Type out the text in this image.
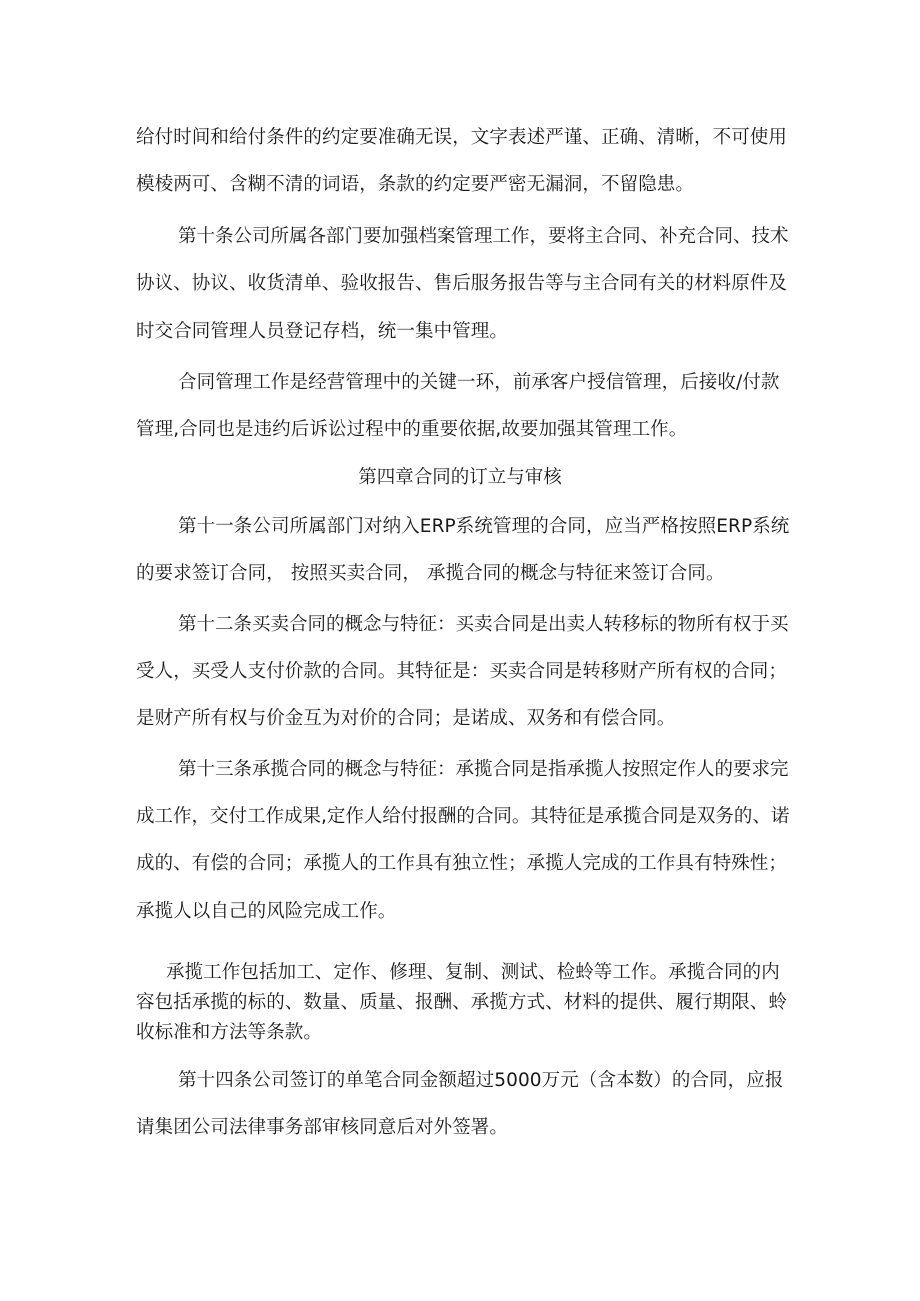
给付时间和给付条件的约定要准确无误，文字表述严谨、正确、清晰，不可使用
模棱两可、含糊不清的词语，条款的约定要严密无漏洞，不留隐患。
第十条公司所属各部门要加强档案管理工作，要将主合同、补充合同、技术
协议、协议、收货清单、验收报告、售后服务报告等与主合同有关的材料原件及
时交合同管理人员登记存档，统一集中管理。
合同管理工作是经营管理中的关键一环，前承客户授信管理，后接收/付款
管理,合同也是违约后诉讼过程中的重要依据,故要加强其管理工作。
第四章合同的订立与审核
第十一条公司所属部门对纳入ERP系统管理的合同，应当严格按照ERP系统
的要求签订合同， 按照买卖合同， 承揽合同的概念与特征来签订合同。
第十二条买卖合同的概念与特征：买卖合同是出卖人转移标的物所有权于买
受人，买受人支付价款的合同。其特征是：买卖合同是转移财产所有权的合同；
是财产所有权与价金互为对价的合同；是诺成、双务和有偿合同。
第十三条承揽合同的概念与特征：承揽合同是指承揽人按照定作人的要求完
成工作，交付工作成果,定作人给付报酬的合同。其特征是承揽合同是双务的、诺
成的、有偿的合同；承揽人的工作具有独立性；承揽人完成的工作具有特殊性；
承揽人以自己的风险完成工作。
承揽工作包括加工、定作、修理、复制、测试、检蛉等工作。承揽合同的内
容包括承揽的标的、数量、质量、报酬、承揽方式、材料的提供、履行期限、蛉
收标准和方法等条款。
第十四条公司签订的单笔合同金额超过5000万元（含本数）的合同，应报
请集团公司法律事务部审核同意后对外签署。
